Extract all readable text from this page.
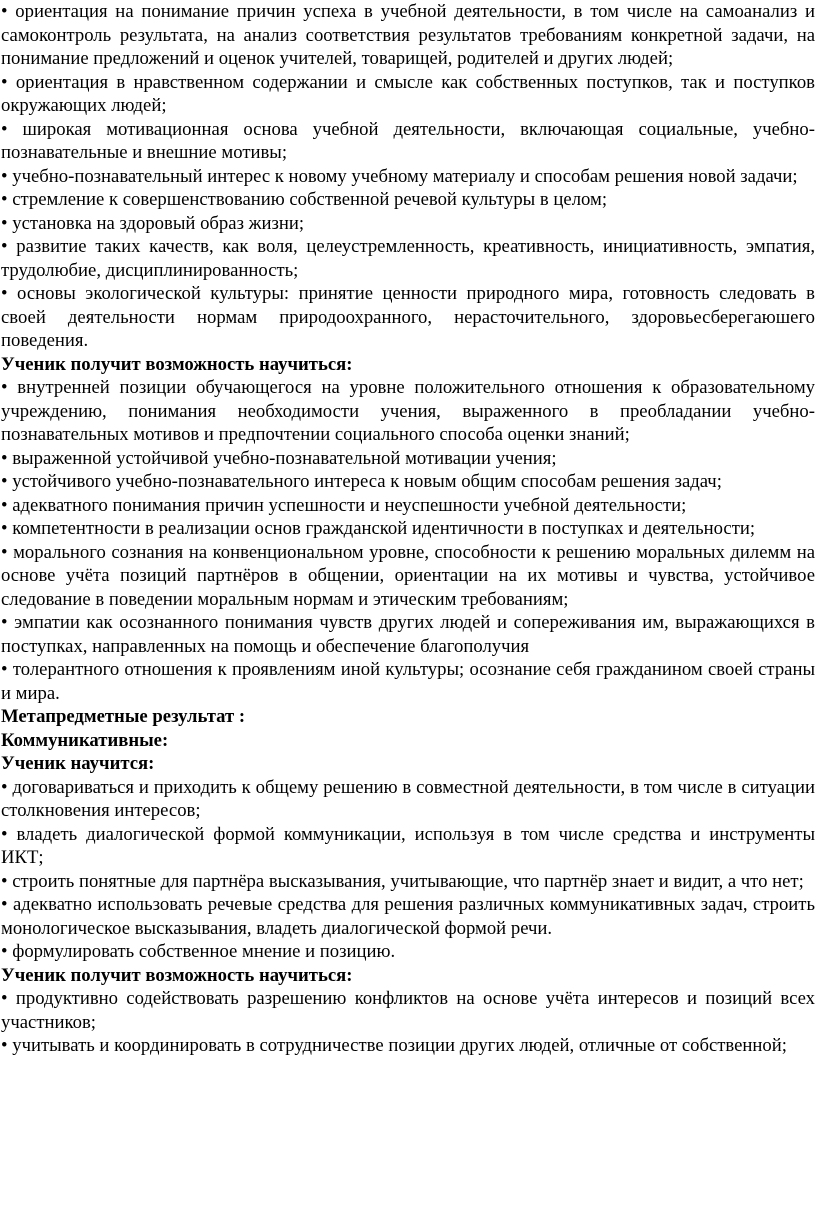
• ориентация на понимание причин успеха в учебной деятельности, в том числе на самоанализ и самоконтроль результата, на анализ соответствия результатов требованиям конкретной задачи, на понимание предложений и оценок учителей, товарищей, родителей и других людей;

• ориентация в нравственном содержании и смысле как собственных поступков, так и поступков окружающих людей;

• широкая мотивационная основа учебной деятельности, включающая социальные, учебно-познавательные и внешние мотивы;

• учебно-познавательный интерес к новому учебному материалу и способам решения новой задачи;

• стремление к совершенствованию собственной речевой культуры в целом;

• установка на здоровый образ жизни;

• развитие таких качеств, как воля, целеустремленность, креативность, инициативность, эмпатия, трудолюбие, дисциплинированность;

• основы экологической культуры: принятие ценности природного мира, готовность следовать в своей деятельности нормам природоохранного, нерасточительного, здоровьесберегаюшего поведения.

Ученик получит возможность научиться:

• внутренней позиции обучающегося на уровне положительного отношения к образовательному учреждению, понимания необходимости учения, выраженного в преобладании учебно- познавательных мотивов и предпочтении социального способа оценки знаний;

• выраженной устойчивой учебно-познавательной мотивации учения;

• устойчивого учебно-познавательного интереса к новым общим способам решения задач;

• адекватного понимания причин успешности и неуспешности учебной деятельности;

• компетентности в реализации основ гражданской идентичности в поступках и деятельности;

• морального сознания на конвенциональном уровне, способности к решению моральных дилемм на основе учёта позиций партнёров в общении, ориентации на их мотивы и чувства, устойчивое следование в поведении моральным нормам и этическим требованиям;

• эмпатии как осознанного понимания чувств других людей и сопереживания им, выражающихся в поступках, направленных на помощь и обеспечение благополучия

• толерантного отношения к проявлениям иной культуры; осознание себя гражданином своей страны и мира.

Метапредметные результат :
Коммуникативные:
Ученик научится:

• договариваться и приходить к общему решению в совместной деятельности, в том числе в ситуации столкновения интересов;

• владеть диалогической формой коммуникации, используя в том числе средства и инструменты ИКТ;

• строить понятные для партнёра высказывания, учитывающие, что партнёр знает и видит, а что нет;

• адекватно использовать речевые средства для решения различных коммуникативных задач, строить монологическое высказывания, владеть диалогической формой речи.

• формулировать собственное мнение и позицию.

Ученик получит возможность научиться:

• продуктивно содействовать разрешению конфликтов на основе учёта интересов и позиций всех участников;

• учитывать и координировать в сотрудничестве позиции других людей, отличные от собственной;
